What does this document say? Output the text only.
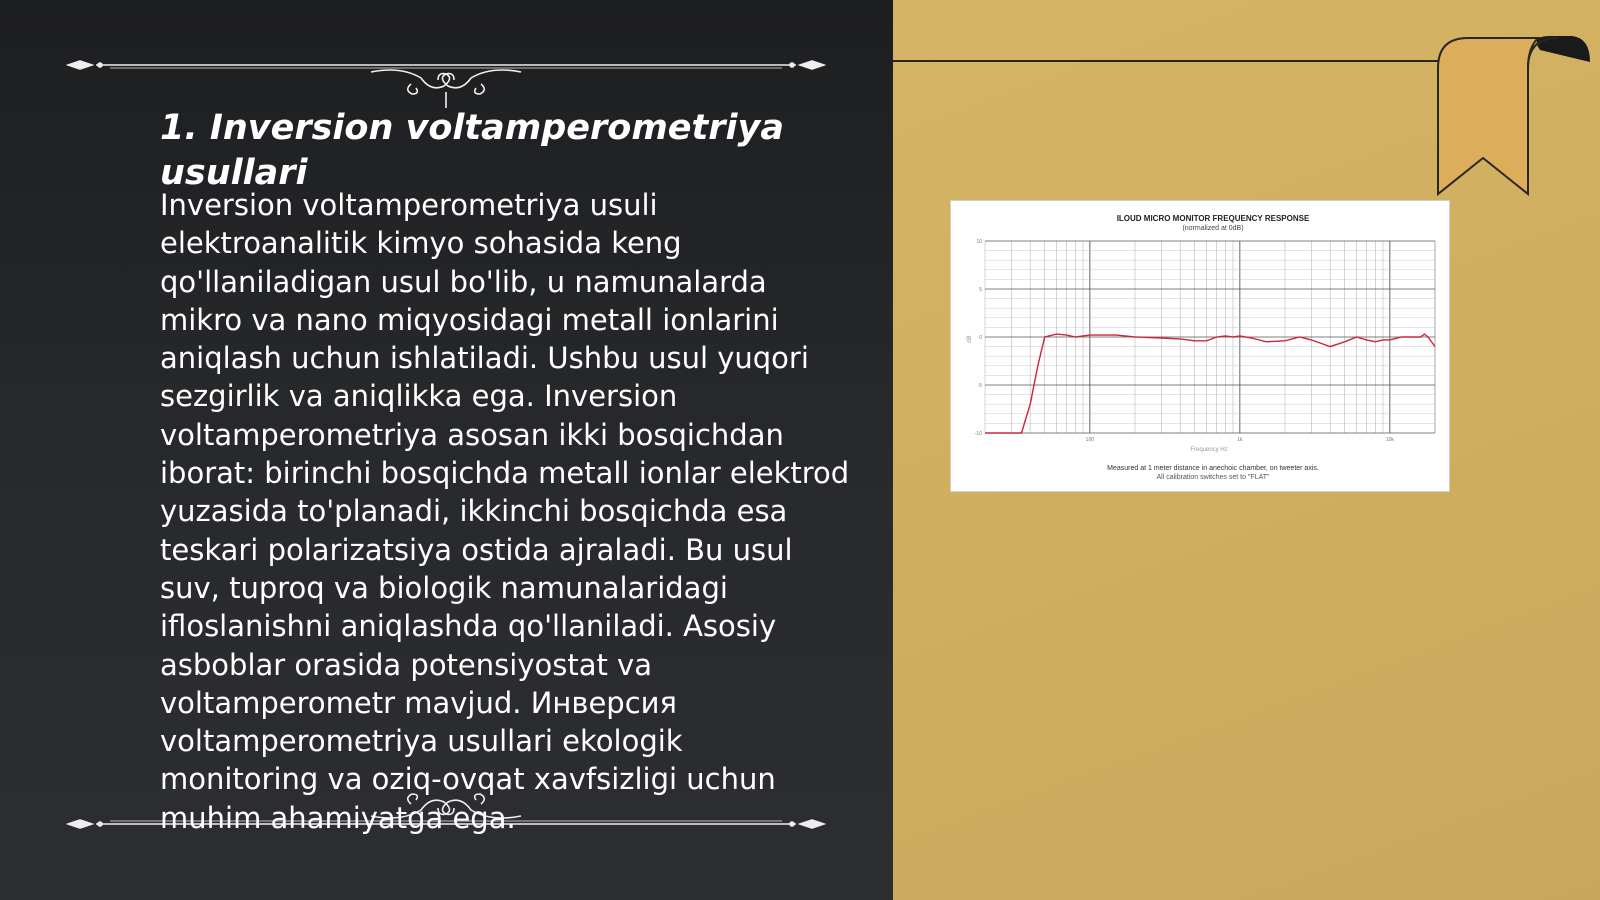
1. Inversion voltamperometriya usullari

Inversion voltamperometriya usuli elektroanalitik kimyo sohasida keng qo'llaniladigan usul bo'lib, u namunalarda mikro va nano miqyosidagi metall ionlarini aniqlash uchun ishlatiladi. Ushbu usul yuqori sezgirlik va aniqlikka ega. Inversion voltamperometriya asosan ikki bosqichdan iborat: birinchi bosqichda metall ionlar elektrod yuzasida to'planadi, ikkinchi bosqichda esa teskari polarizatsiya ostida ajraladi. Bu usul suv, tuproq va biologik namunalaridagi ifloslanishni aniqlashda qo'llaniladi. Asosiy asboblar orasida potensiyostat va voltamperometr mavjud. Инверсия voltamperometriya usullari ekologik monitoring va oziq-ovqat xavfsizligi uchun muhim ahamiyatga ega.

ILOUD MICRO MONITOR FREQUENCY RESPONSE
(normalized at 0dB)
10
5
0
-5
-10
100	1k	10k
dB
Frequency Hz
Measured at 1 meter distance in anechoic chamber, on tweeter axis.
All calibration switches set to "FLAT"
